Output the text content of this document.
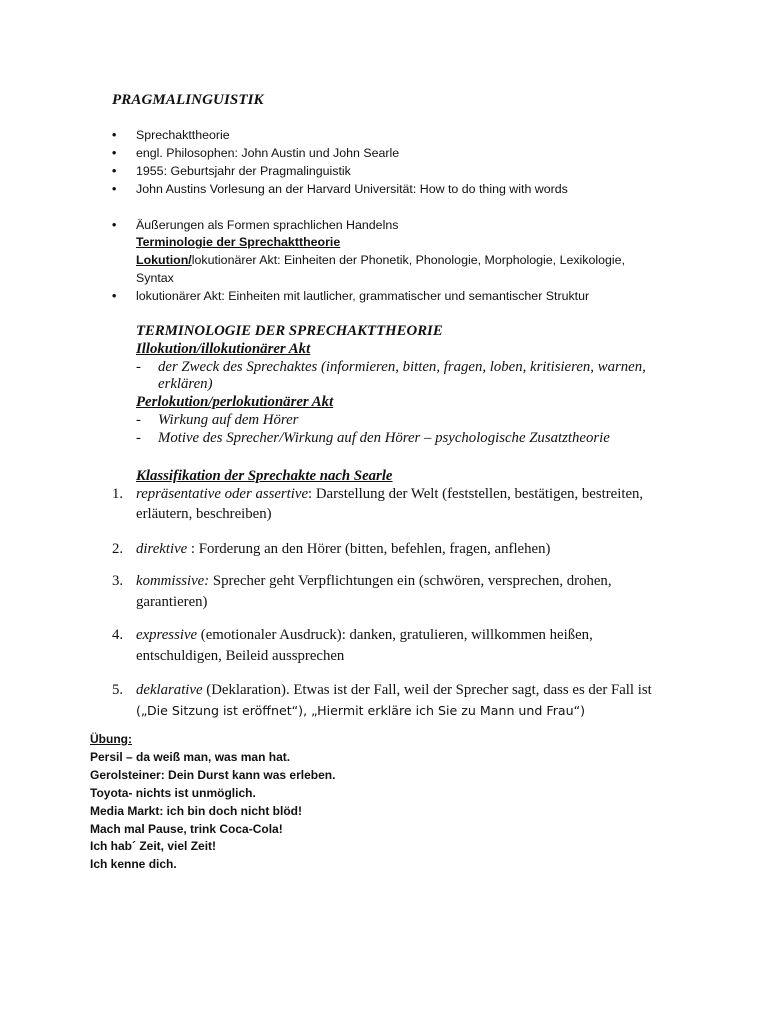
PRAGMALINGUISTIK
• Sprechakttheorie
• engl. Philosophen: John Austin und John Searle
• 1955: Geburtsjahr der Pragmalinguistik
• John Austins Vorlesung an der Harvard Universität: How to do thing with words
• Äußerungen als Formen sprachlichen Handelns
Terminologie der Sprechakttheorie
Lokution/lokutionärer Akt: Einheiten der Phonetik, Phonologie, Morphologie, Lexikologie,
Syntax
• lokutionärer Akt: Einheiten mit lautlicher, grammatischer und semantischer Struktur
TERMINOLOGIE DER SPRECHAKTTHEORIE
Illokution/illokutionärer Akt
- der Zweck des Sprechaktes (informieren, bitten, fragen, loben, kritisieren, warnen,
erklären)
Perlokution/perlokutionärer Akt
- Wirkung auf dem Hörer
- Motive des Sprecher/Wirkung auf den Hörer – psychologische Zusatztheorie
Klassifikation der Sprechakte nach Searle
1. repräsentative oder assertive: Darstellung der Welt (feststellen, bestätigen, bestreiten,
erläutern, beschreiben)
2. direktive : Forderung an den Hörer (bitten, befehlen, fragen, anflehen)
3. kommissive: Sprecher geht Verpflichtungen ein (schwören, versprechen, drohen,
garantieren)
4. expressive (emotionaler Ausdruck): danken, gratulieren, willkommen heißen,
entschuldigen, Beileid aussprechen
5. deklarative (Deklaration). Etwas ist der Fall, weil der Sprecher sagt, dass es der Fall ist
(„Die Sitzung ist eröffnet“), „Hiermit erkläre ich Sie zu Mann und Frau“)
Übung:
Persil – da weiß man, was man hat.
Gerolsteiner: Dein Durst kann was erleben.
Toyota- nichts ist unmöglich.
Media Markt: ich bin doch nicht blöd!
Mach mal Pause, trink Coca-Cola!
Ich hab´ Zeit, viel Zeit!
Ich kenne dich.
